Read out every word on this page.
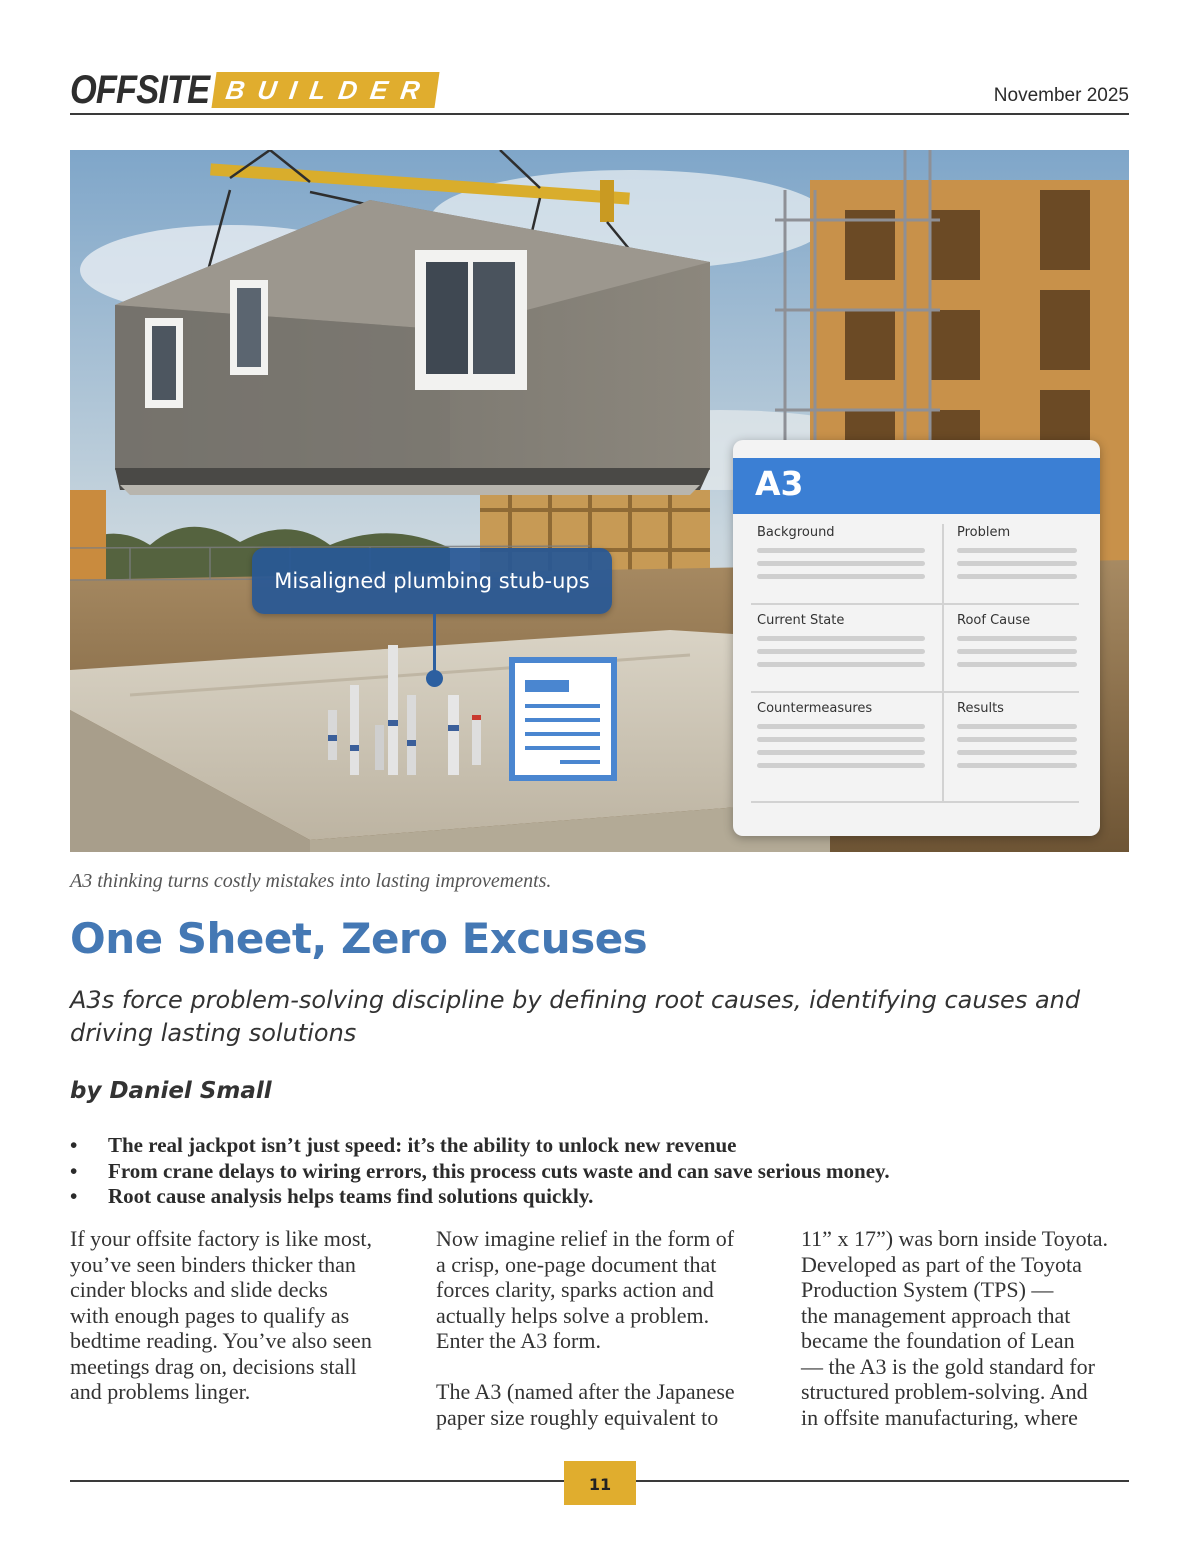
OFFSITE BUILDER	November 2025
Misaligned plumbing stub-ups
A3
Background	Problem
Current State	Roof Cause
Countermeasures	Results
A3 thinking turns costly mistakes into lasting improvements.
One Sheet, Zero Excuses
A3s force problem-solving discipline by defining root causes, identifying causes and driving lasting solutions
by Daniel Small
• The real jackpot isn’t just speed: it’s the ability to unlock new revenue
• From crane delays to wiring errors, this process cuts waste and can save serious money.
• Root cause analysis helps teams find solutions quickly.
If your offsite factory is like most,
you’ve seen binders thicker than
cinder blocks and slide decks
with enough pages to qualify as
bedtime reading. You’ve also seen
meetings drag on, decisions stall
and problems linger.
Now imagine relief in the form of
a crisp, one-page document that
forces clarity, sparks action and
actually helps solve a problem.
Enter the A3 form.
The A3 (named after the Japanese
paper size roughly equivalent to
11” x 17”) was born inside Toyota.
Developed as part of the Toyota
Production System (TPS) —
the management approach that
became the foundation of Lean
— the A3 is the gold standard for
structured problem-solving. And
in offsite manufacturing, where
11
